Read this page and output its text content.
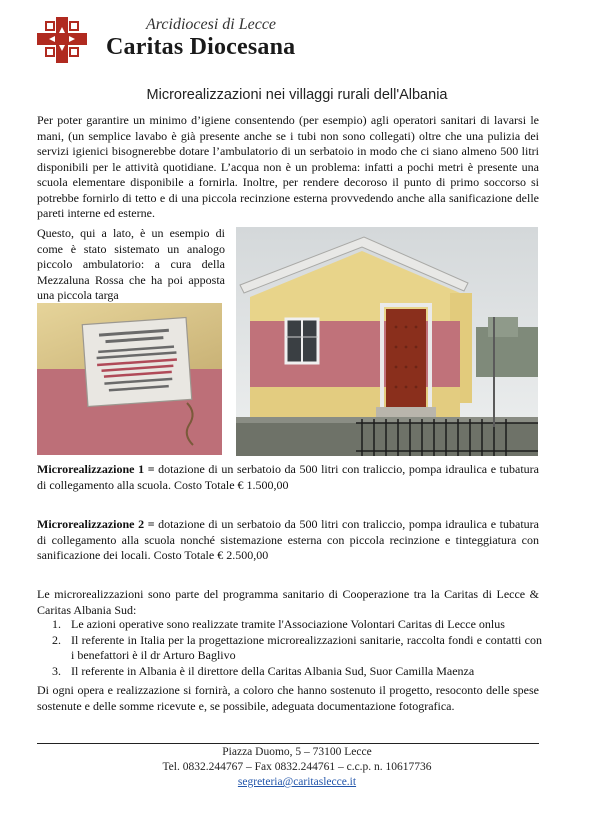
Arcidiocesi di Lecce
Caritas Diocesana
Microrealizzazioni nei villaggi rurali dell'Albania

Per poter garantire un minimo d’igiene consentendo (per esempio) agli operatori sanitari di lavarsi le mani, (un semplice lavabo è già presente anche se i tubi non sono collegati) oltre che una pulizia dei servizi igienici bisognerebbe dotare l’ambulatorio di un serbatoio in modo che ci siano almeno 500 litri disponibili per le attività quotidiane. L’acqua non è un problema: infatti a pochi metri è presente una scuola elementare disponibile a fornirla. Inoltre, per rendere decoroso il punto di primo soccorso si potrebbe fornirlo di tetto e di una piccola recinzione esterna provvedendo anche alla sanificazione delle pareti interne ed esterne.

Questo, qui a lato, è un esempio di come è stato sistemato un analogo piccolo ambulatorio: a cura della Mezzaluna Rossa che ha poi apposta una piccola targa

Microrealizzazione 1 = dotazione di un serbatoio da 500 litri con traliccio, pompa idraulica e tubatura di collegamento alla scuola. Costo Totale € 1.500,00

Microrealizzazione 2 = dotazione di un serbatoio da 500 litri con traliccio, pompa idraulica e tubatura di collegamento alla scuola nonché sistemazione esterna con piccola recinzione e tinteggiatura con sanificazione dei locali. Costo Totale € 2.500,00

Le microrealizzazioni sono parte del programma sanitario di Cooperazione tra la Caritas di Lecce & Caritas Albania Sud:

1. Le azioni operative sono realizzate tramite l'Associazione Volontari Caritas di Lecce onlus
2. Il referente in Italia per la progettazione microrealizzazioni sanitarie, raccolta fondi e contatti con i benefattori è il dr Arturo Baglivo
3. Il referente in Albania è il direttore della Caritas Albania Sud, Suor Camilla Maenza

Di ogni opera e realizzazione si fornirà, a coloro che hanno sostenuto il progetto, resoconto delle spese sostenute e delle somme ricevute e, se possibile, adeguata documentazione fotografica.

Piazza Duomo, 5 – 73100 Lecce
Tel. 0832.244767 – Fax 0832.244761 – c.c.p. n. 10617736
segreteria@caritaslecce.it
